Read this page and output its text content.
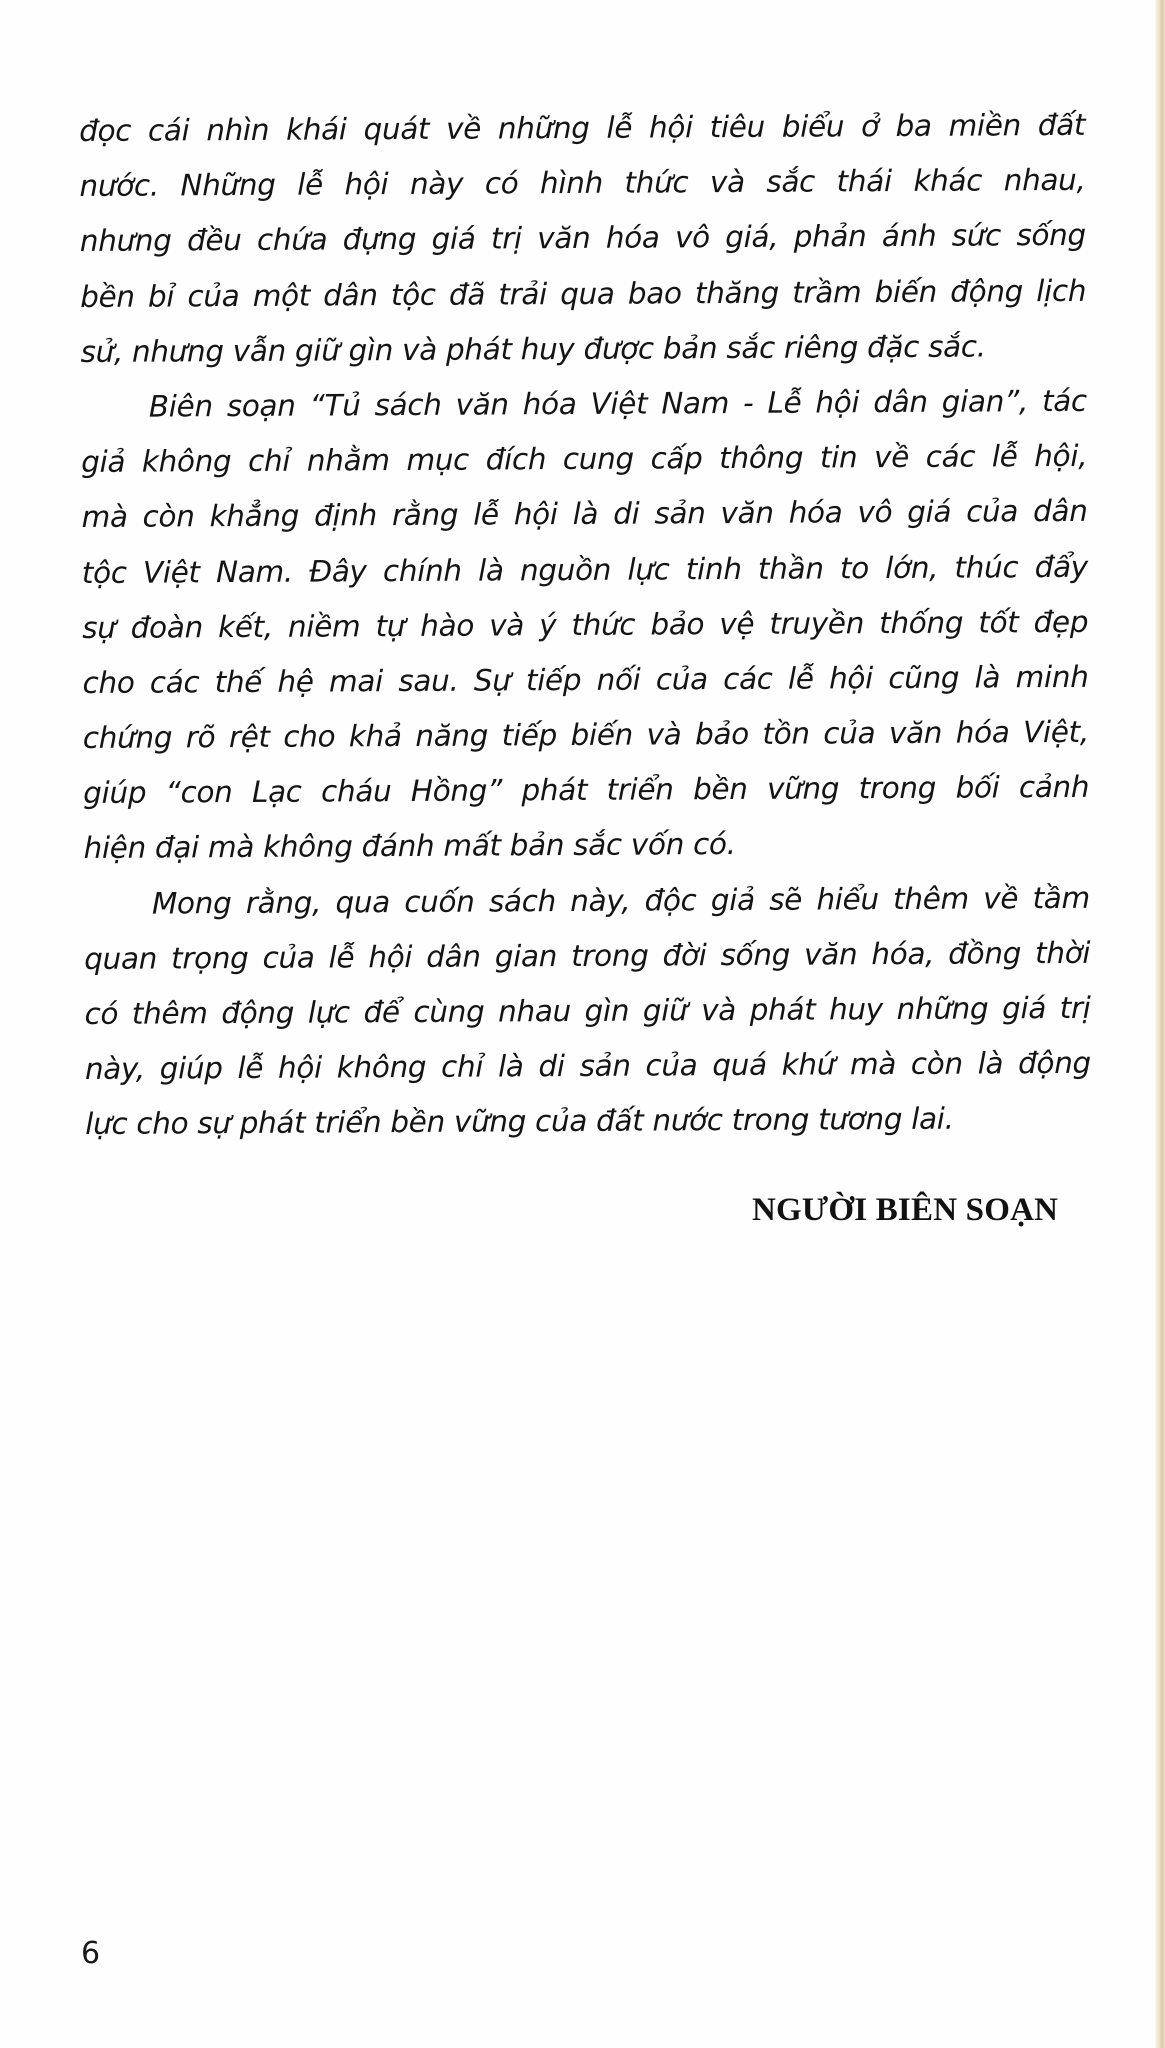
đọc cái nhìn khái quát về những lễ hội tiêu biểu ở ba miền đất
nước. Những lễ hội này có hình thức và sắc thái khác nhau,
nhưng đều chứa đựng giá trị văn hóa vô giá, phản ánh sức sống
bền bỉ của một dân tộc đã trải qua bao thăng trầm biến động lịch
sử, nhưng vẫn giữ gìn và phát huy được bản sắc riêng đặc sắc.

Biên soạn “Tủ sách văn hóa Việt Nam - Lễ hội dân gian”, tác
giả không chỉ nhằm mục đích cung cấp thông tin về các lễ hội,
mà còn khẳng định rằng lễ hội là di sản văn hóa vô giá của dân
tộc Việt Nam. Đây chính là nguồn lực tinh thần to lớn, thúc đẩy
sự đoàn kết, niềm tự hào và ý thức bảo vệ truyền thống tốt đẹp
cho các thế hệ mai sau. Sự tiếp nối của các lễ hội cũng là minh
chứng rõ rệt cho khả năng tiếp biến và bảo tồn của văn hóa Việt,
giúp “con Lạc cháu Hồng” phát triển bền vững trong bối cảnh
hiện đại mà không đánh mất bản sắc vốn có.

Mong rằng, qua cuốn sách này, độc giả sẽ hiểu thêm về tầm
quan trọng của lễ hội dân gian trong đời sống văn hóa, đồng thời
có thêm động lực để cùng nhau gìn giữ và phát huy những giá trị
này, giúp lễ hội không chỉ là di sản của quá khứ mà còn là động
lực cho sự phát triển bền vững của đất nước trong tương lai.

NGƯỜI BIÊN SOẠN
6
